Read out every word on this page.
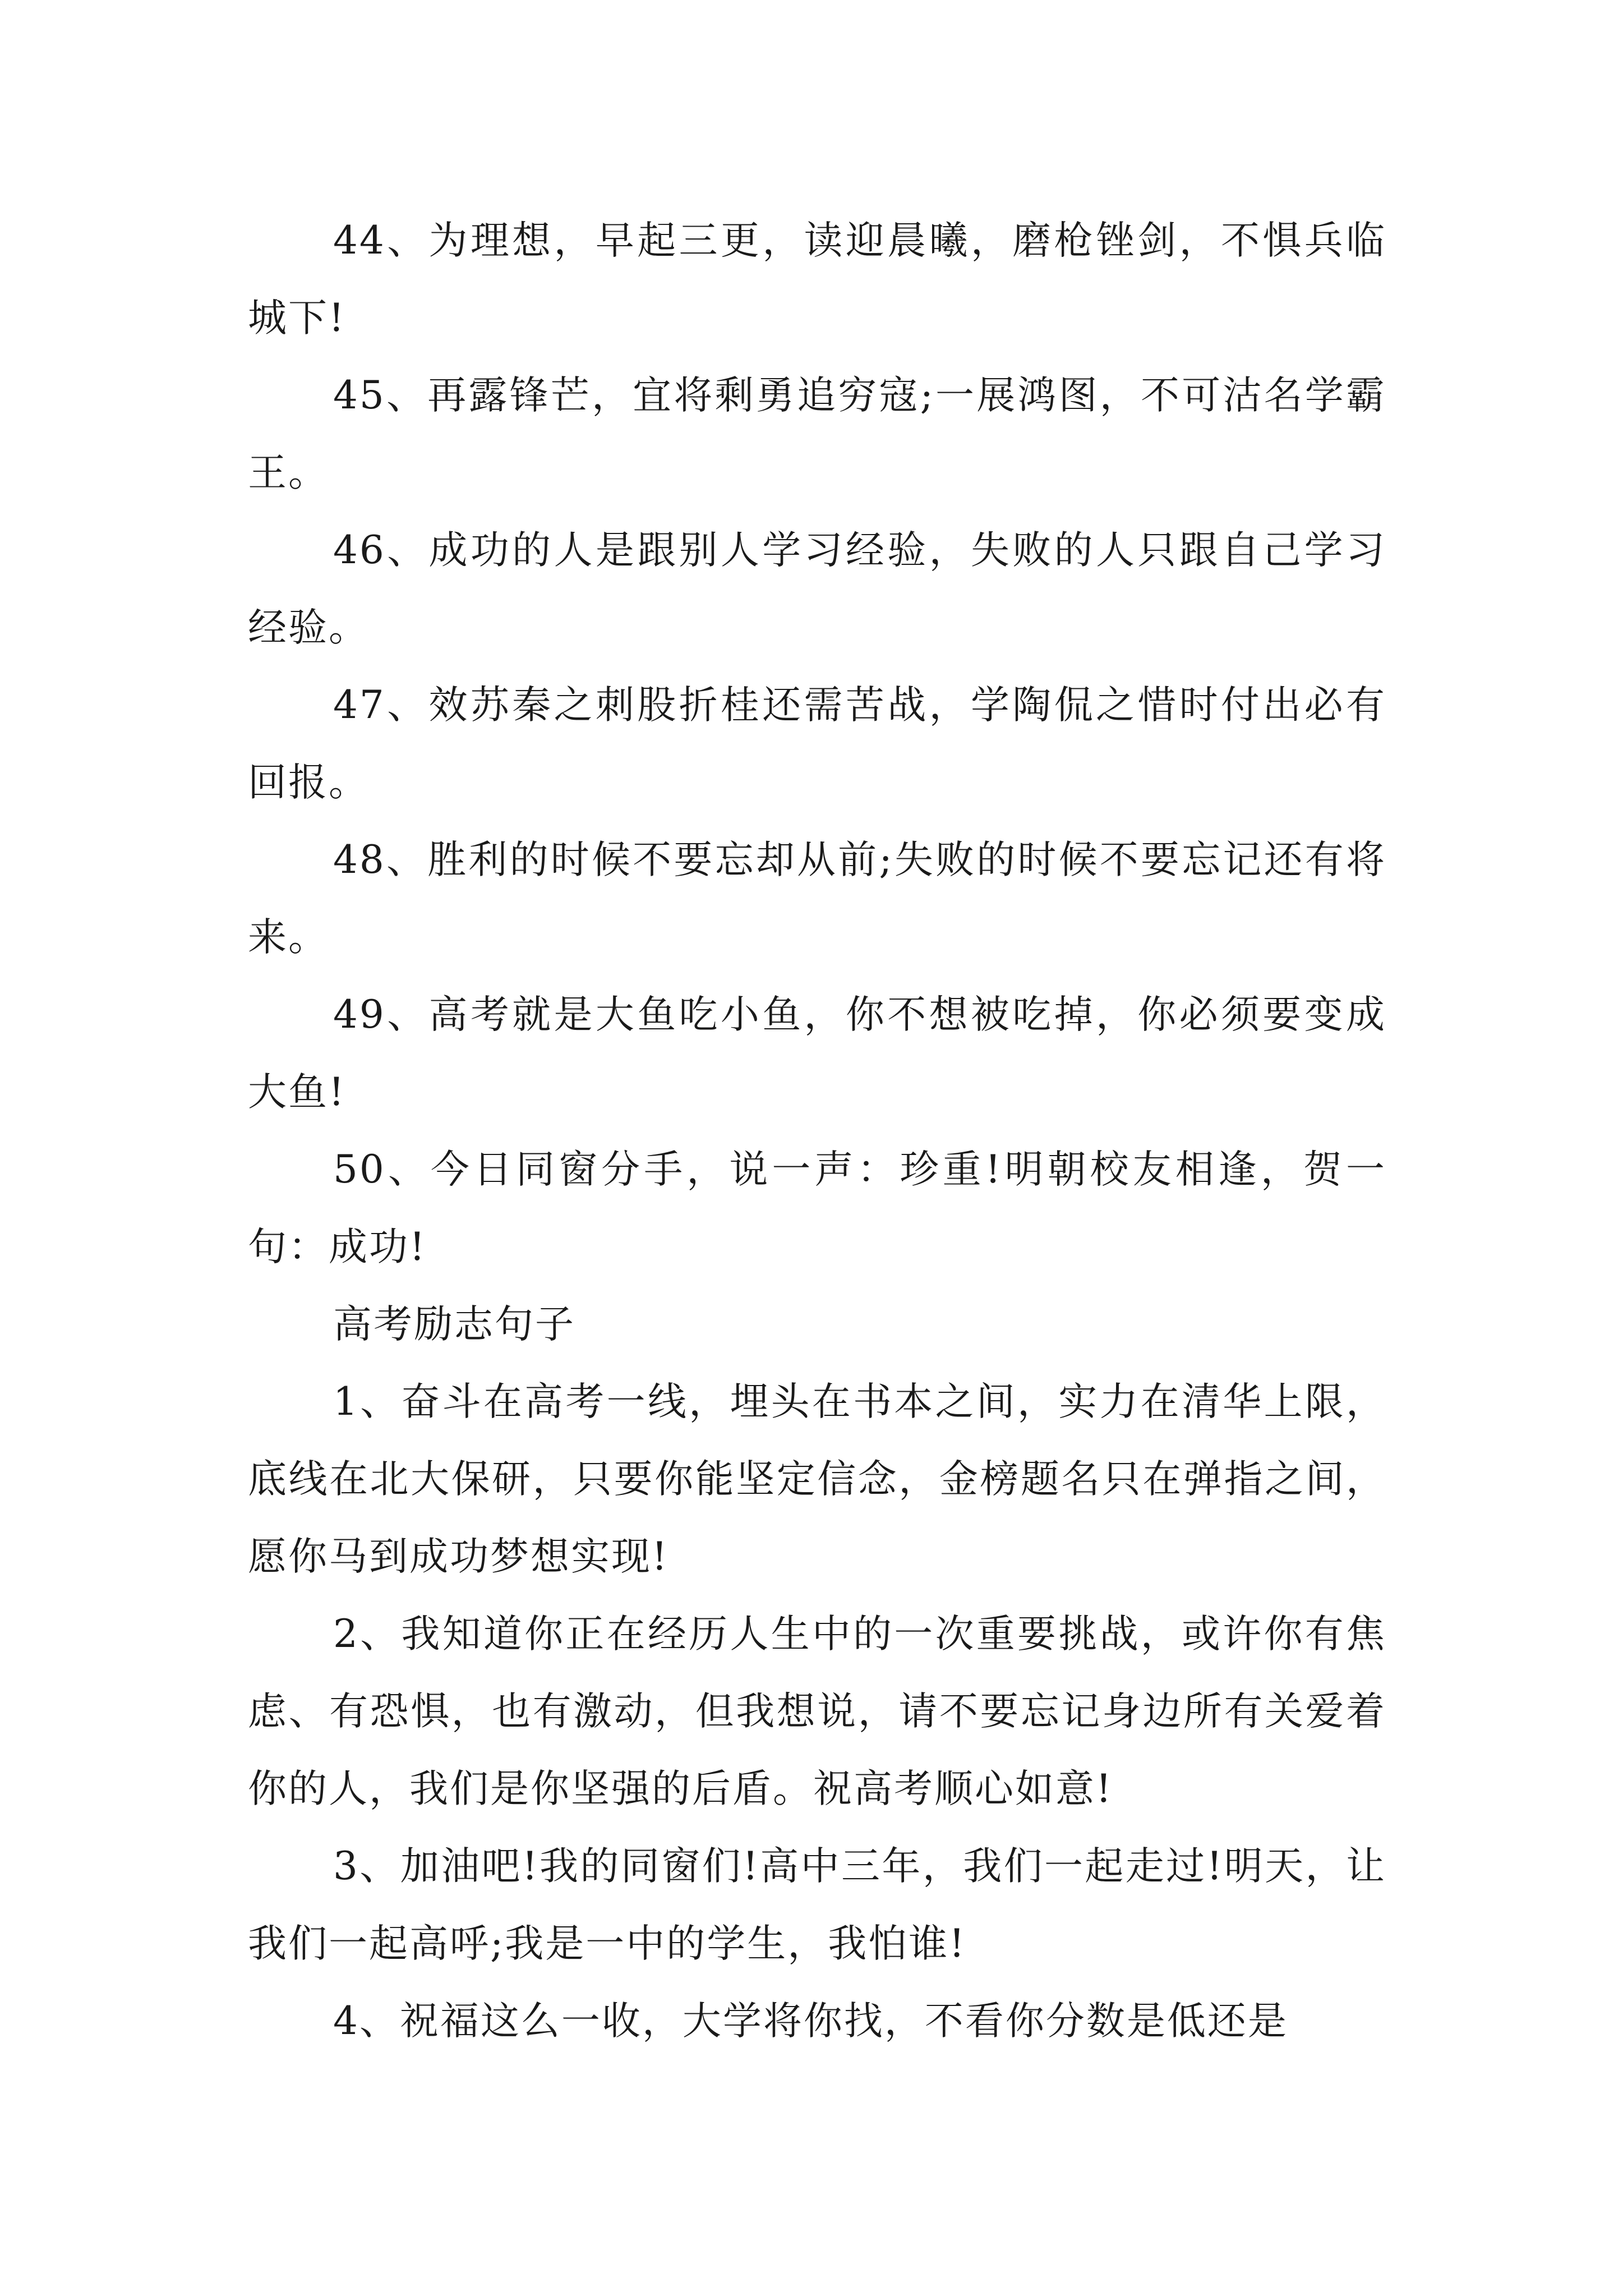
44、为理想，早起三更，读迎晨曦，磨枪锉剑，不惧兵临城下!

45、再露锋芒，宜将剩勇追穷寇;一展鸿图，不可沽名学霸王。

46、成功的人是跟别人学习经验，失败的人只跟自己学习经验。

47、效苏秦之刺股折桂还需苦战，学陶侃之惜时付出必有回报。

48、胜利的时候不要忘却从前;失败的时候不要忘记还有将来。

49、高考就是大鱼吃小鱼，你不想被吃掉，你必须要变成大鱼!

50、今日同窗分手，说一声：珍重!明朝校友相逢，贺一句：成功!

高考励志句子

1、奋斗在高考一线，埋头在书本之间，实力在清华上限，底线在北大保研，只要你能坚定信念，金榜题名只在弹指之间，愿你马到成功梦想实现!

2、我知道你正在经历人生中的一次重要挑战，或许你有焦虑、有恐惧，也有激动，但我想说，请不要忘记身边所有关爱着你的人，我们是你坚强的后盾。祝高考顺心如意!

3、加油吧!我的同窗们!高中三年，我们一起走过!明天，让我们一起高呼;我是一中的学生，我怕谁!

4、祝福这么一收，大学将你找，不看你分数是低还是
